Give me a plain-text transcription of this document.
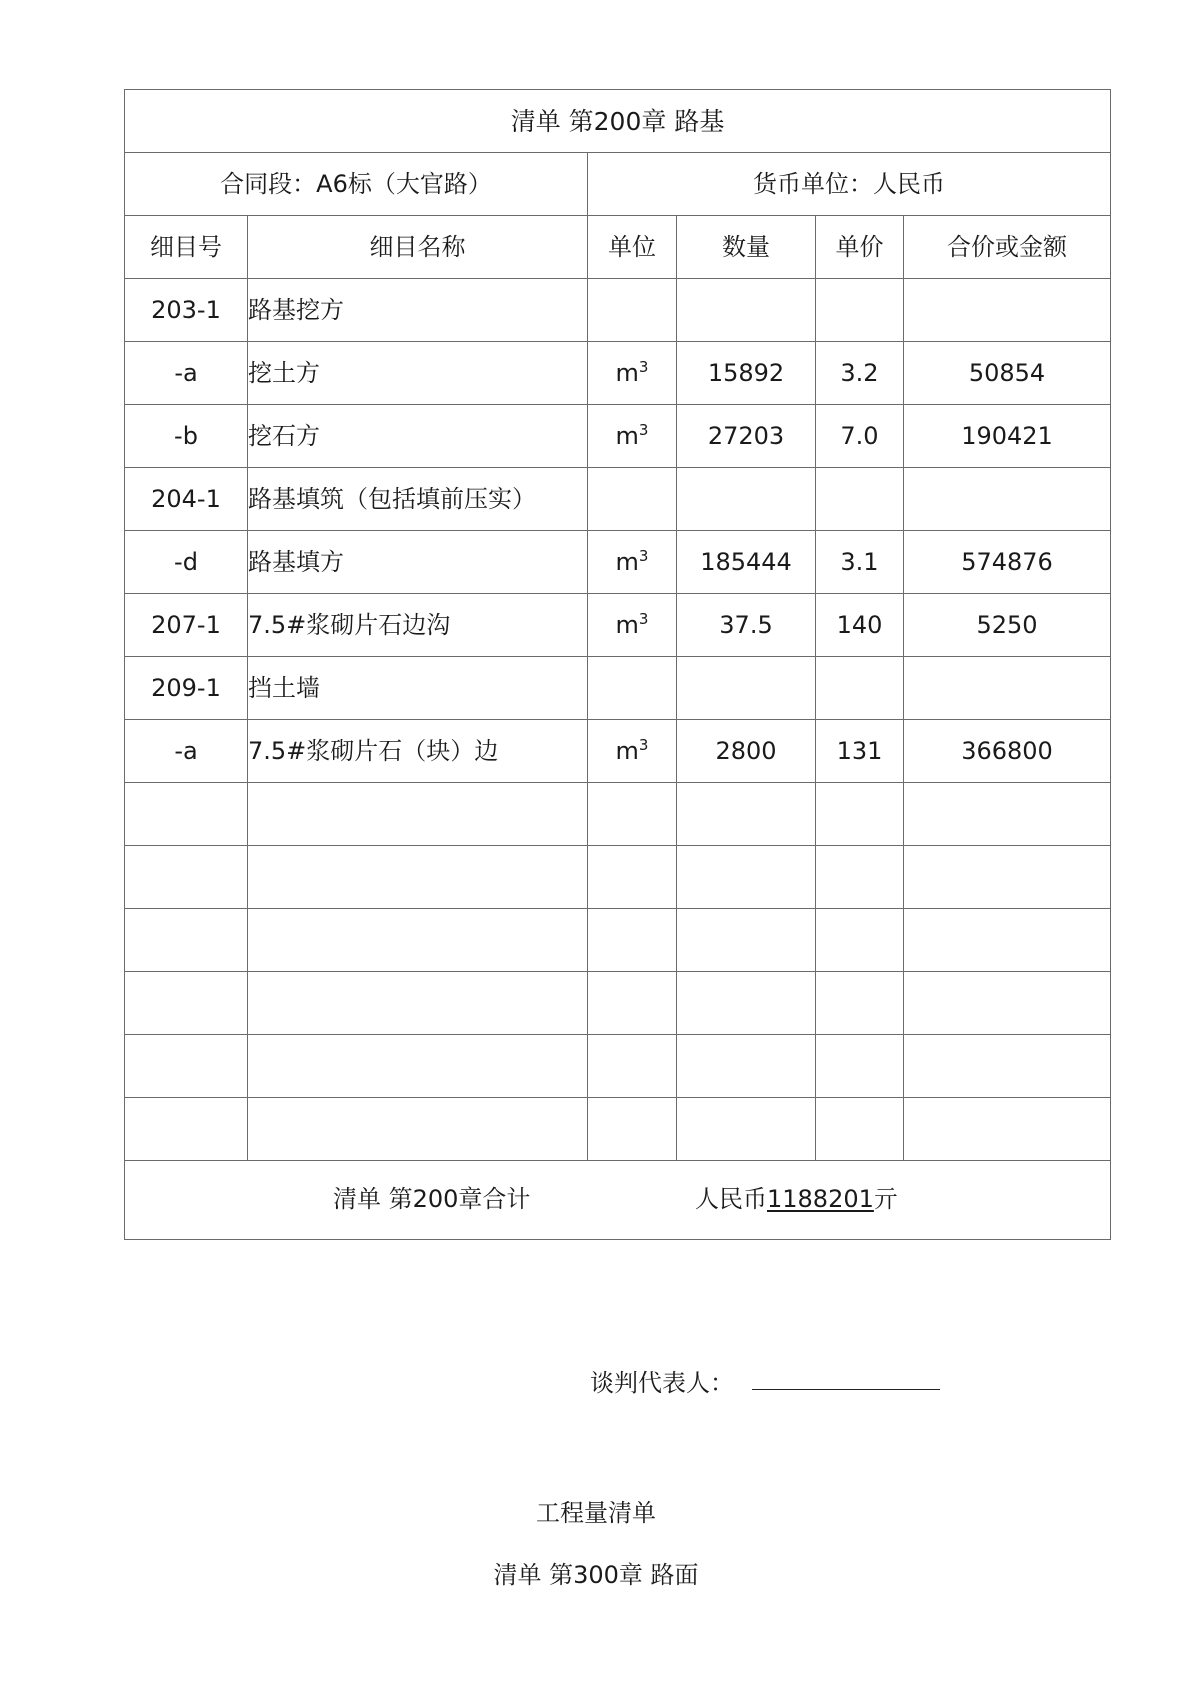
清单 第200章 路基					
合同段：A6标（大官路）		货币单位：人民币			
细目号	细目名称	单位	数量	单价	合价或金额
203-1	路基挖方				
-a	挖土方	$m^3$	15892	3.2	50854
-b	挖石方	$m^3$	27203	7.0	190421
204-1	路基填筑（包括填前压实）				
-d	路基填方	$m^3$	185444	3.1	574876
207-1	7.5#浆砌片石边沟	$m^3$	37.5	140	5250
209-1	挡土墙				
-a	7.5#浆砌片石（块）边	$m^3$	2800	131	366800

清单 第200章合计 人民币1188201亓					
谈判代表人：
工程量清单
清单 第300章 路面
